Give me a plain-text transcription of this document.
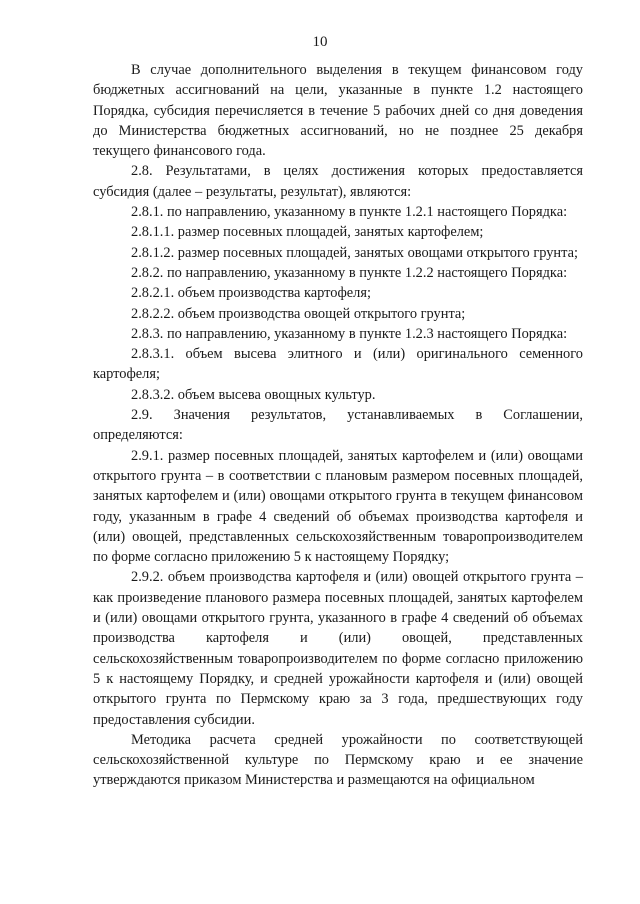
10

В случае дополнительного выделения в текущем финансовом году бюджетных ассигнований на цели, указанные в пункте 1.2 настоящего Порядка, субсидия перечисляется в течение 5 рабочих дней со дня доведения до Министерства бюджетных ассигнований, но не позднее 25 декабря текущего финансового года.

2.8. Результатами, в целях достижения которых предоставляется субсидия (далее – результаты, результат), являются:

2.8.1. по направлению, указанному в пункте 1.2.1 настоящего Порядка:

2.8.1.1. размер посевных площадей, занятых картофелем;

2.8.1.2. размер посевных площадей, занятых овощами открытого грунта;

2.8.2. по направлению, указанному в пункте 1.2.2 настоящего Порядка:

2.8.2.1. объем производства картофеля;

2.8.2.2. объем производства овощей открытого грунта;

2.8.3. по направлению, указанному в пункте 1.2.3 настоящего Порядка:

2.8.3.1. объем высева элитного и (или) оригинального семенного картофеля;

2.8.3.2. объем высева овощных культур.

2.9. Значения результатов, устанавливаемых в Соглашении, определяются:

2.9.1. размер посевных площадей, занятых картофелем и (или) овощами открытого грунта – в соответствии с плановым размером посевных площадей, занятых картофелем и (или) овощами открытого грунта в текущем финансовом году, указанным в графе 4 сведений об объемах производства картофеля и (или) овощей, представленных сельскохозяйственным товаропроизводителем по форме согласно приложению 5 к настоящему Порядку;

2.9.2. объем производства картофеля и (или) овощей открытого грунта – как произведение планового размера посевных площадей, занятых картофелем и (или) овощами открытого грунта, указанного в графе 4 сведений об объемах производства картофеля и (или) овощей, представленных сельскохозяйственным товаропроизводителем по форме согласно приложению 5 к настоящему Порядку, и средней урожайности картофеля и (или) овощей открытого грунта по Пермскому краю за 3 года, предшествующих году предоставления субсидии.

Методика расчета средней урожайности по соответствующей сельскохозяйственной культуре по Пермскому краю и ее значение утверждаются приказом Министерства и размещаются на официальном
